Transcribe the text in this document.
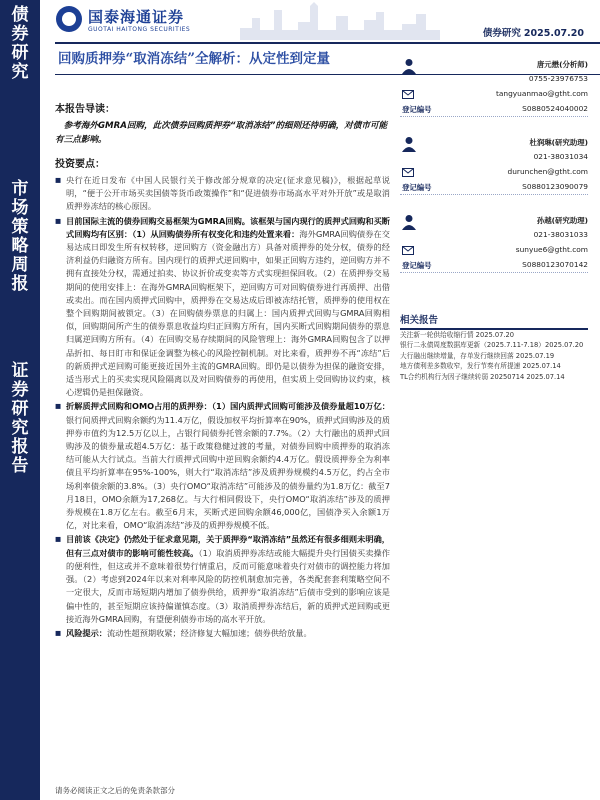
债
券
研
究
市
场
策
略
周
报
证
券
研
究
报
告
国泰海通证券
GUOTAI HAITONG SECURITIES	债券研究 2025.07.20
回购质押券“取消冻结”全解析：从定性到定量
本报告导读：

参考海外GMRA回购，此次债券回购质押券“取消冻结”的细则还待明确，对债市可能有三点影响。

投资要点：
■ 央行在近日发布《中国人民银行关于修改部分规章的决定(征求意见稿)》，根据起草说明，“便于公开市场买卖国债等货币政策操作”和“促进债券市场高水平对外开放”或是取消质押券冻结的核心原因。
■ 目前国际主流的债券回购交易框架为GMRA回购。该框架与国内现行的质押式回购和买断式回购均有区别：（1）从回购债券所有权变化和违约处置来看：海外GMRA回购债券在交易达成日即发生所有权转移，逆回购方（资金融出方）具备对质押券的处分权，债券的经济利益仍归融资方所有。国内现行的质押式逆回购中，如果正回购方违约，逆回购方并不拥有直接处分权，需通过拍卖、协议折价或变卖等方式实现担保回收。（2）在质押券交易期间的使用安排上：在海外GMRA回购框架下，逆回购方可对回购债券进行再质押、出借或卖出。而在国内质押式回购中，质押券在交易达成后即被冻结托管，质押券的使用权在整个回购期间被锁定。（3）在回购债券票息的归属上：国内质押式回购与GMRA回购相似，回购期间所产生的债券票息收益均归正回购方所有，国内买断式回购期间债券的票息归属逆回购方所有。（4）在回购交易存续期间的风险管理上：海外GMRA回购包含了以押品折扣、每日盯市和保证金调整为核心的风险控制机制。对比来看，质押券不再“冻结”后的新质押式逆回购可能更接近国外主流的GMRA回购。即仍是以债券为担保的融资安排，适当形式上的买卖实现风险隔离以及对回购债券的再使用，但实质上受回购协议约束，核心逻辑仍是担保融资。
■ 折解质押式回购和OMO占用的质押券：（1）国内质押式回购可能涉及债券量超10万亿：银行间质押式回购余额约为11.4万亿，假设加权平均折算率在90%，质押式回购涉及的质押券市值约为12.5万亿以上，占银行间债券托管余额的7.7%。（2）大行融出的质押式回购涉及的债券量或超4.5万亿：基于政策稳健过渡的考量，对债券回购中质押券的取消冻结可能从大行试点。当前大行质押式回购中逆回购余额约4.4万亿。假设质押券全为利率债且平均折算率在95%-100%，则大行“取消冻结”涉及质押券规模约4.5万亿，约占全市场利率债余额的3.8%。（3）央行OMO“取消冻结”可能涉及的债券量约为1.8万亿：截至7月18日，OMO余额为17,268亿。与大行相同假设下，央行OMO“取消冻结”涉及的质押券规模在1.8万亿左右。截至6月末，买断式逆回购余额46,000亿，国债净买入余额1万亿，对比来看，OMO“取消冻结”涉及的质押券规模不低。
■ 目前该《决定》仍然处于征求意见期，关于质押券“取消冻结”虽然还有很多细则未明确，但有三点对债市的影响可能性较高。（1）取消质押券冻结或能大幅提升央行国债买卖操作的便利性，但这或并不意味着很势行情重启，反而可能意味着央行对债市的调控能力将加强。（2）考虑到2024年以来对利率风险的防控机制愈加完善，各类配套套利策略空间不一定很大，反而市场短期内增加了债券供给，质押券“取消冻结”后债市受到的影响应该是偏中性的，甚至短期应该持偏谨慎态度。（3）取消质押券冻结后，新的质押式逆回购或更接近海外GMRA回购，有望便利债券市场的高水平开放。
■ 风险提示：流动性超预期收紧；经济修复大幅加速；债券供给放量。
唐元懋(分析师)
0755-23976753
tangyuanmao@gtht.com
登记编号	S0880524040002
杜润琳(研究助理)
021-38031034
durunchen@gtht.com
登记编号	S0880123090079
孙越(研究助理)
021-38031033
sunyue6@gtht.com
登记编号	S0880123070142
相关报告
关注新一轮供给收缩行情 2025.07.20
银行二永债周度数据库更新（2025.7.11-7.18）2025.07.20
大行融出继续增量，存单发行继续回落 2025.07.19
地方债利差多数收窄，发行节奏有所提速 2025.07.14
TL合约机构行为因子继续转弱 20250714 2025.07.14
请务必阅读正文之后的免责条款部分
